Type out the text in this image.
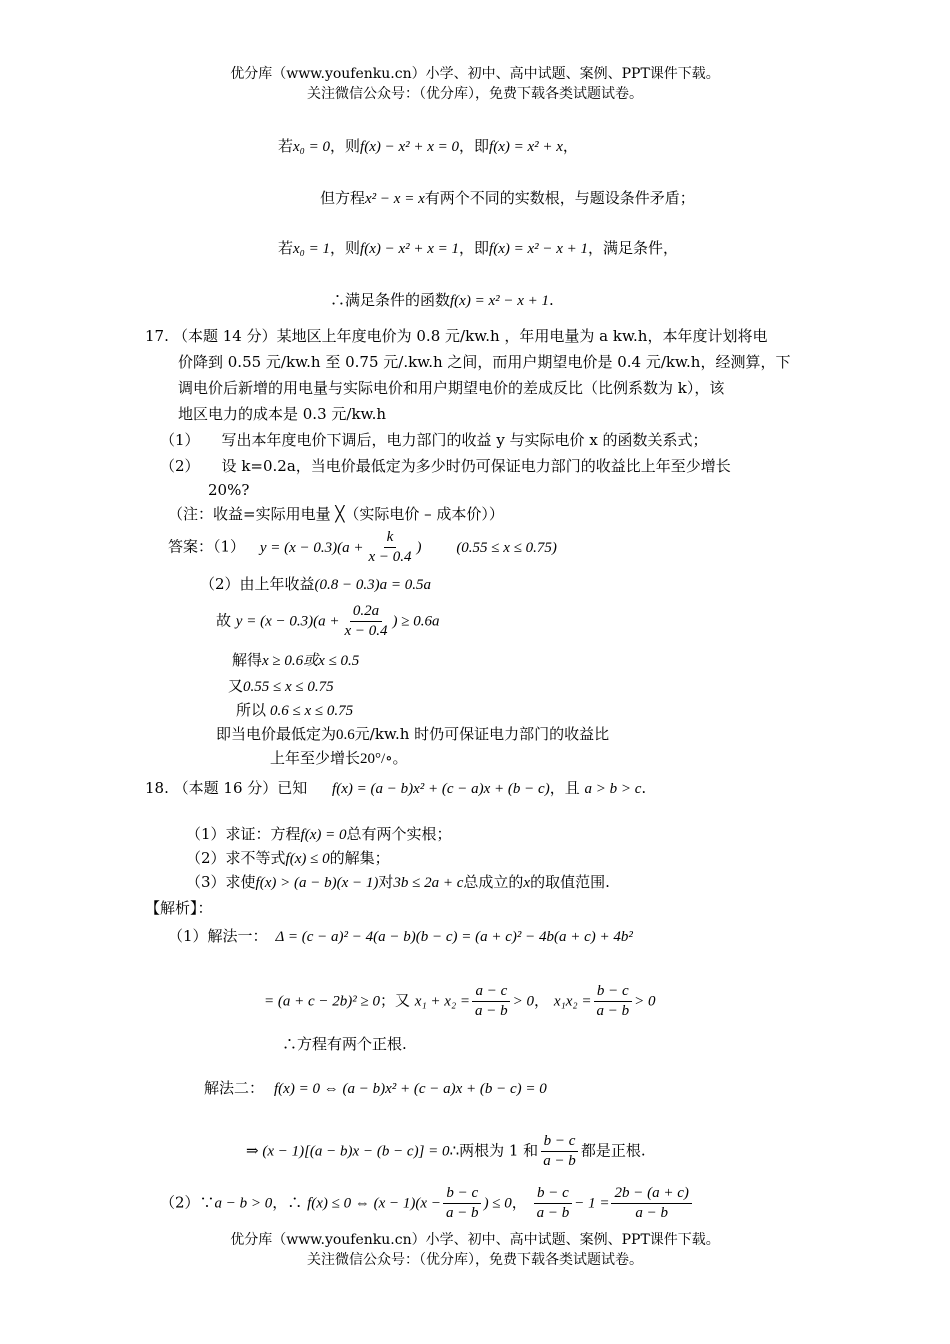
优分库（www.youfenku.cn）小学、初中、高中试题、案例、PPT课件下载。
关注微信公众号：（优分库），免费下载各类试题试卷。
若x₀ = 0，则f(x) − x² + x = 0，即f(x) = x² + x，
但方程x² − x = x有两个不同的实数根，与题设条件矛盾；
若x₀ = 1，则f(x) − x² + x = 1，即f(x) = x² − x + 1，满足条件，
∴满足条件的函数f(x) = x² − x + 1.
17. （本题 14 分）某地区上年度电价为 0.8 元/kw.h ，年用电量为 a kw.h，本年度计划将电
价降到 0.55 元/kw.h 至 0.75 元/.kw.h 之间，而用户期望电价是 0.4 元/kw.h，经测算，下
调电价后新增的用电量与实际电价和用户期望电价的差成反比（比例系数为 k），该
地区电力的成本是 0.3 元/kw.h
（1） 写出本年度电价下调后，电力部门的收益 y 与实际电价 x 的函数关系式；
（2） 设 k=0.2a，当电价最低定为多少时仍可保证电力部门的收益比上年至少增长
20%?
（注：收益=实际用电量 ╳（实际电价 – 成本价））
答案：（1） $y = (x - 0.3)(a + \frac{k}{x - 0.4}$ ) (0.55 ≤ x ≤ 0.75)
（2）由上年收益(0.8 − 0.3)a = 0.5a
故 $y = (x - 0.3)(a + \frac{0.2a}{x - 0.4}$ ) ≥ 0.6a
解得x ≥ 0.6或x ≤ 0.5
又0.55 ≤ x ≤ 0.75
所以 0.6 ≤ x ≤ 0.75
即当电价最低定为0.6元/kw.h 时仍可保证电力部门的收益比
上年至少增长20°/∘。
18. （本题 16 分）已知 f(x) = (a − b)x² + (c − a)x + (b − c)，且 a > b > c.
（1）求证：方程f(x) = 0总有两个实根；
（2）求不等式f(x) ≤ 0的解集；
（3）求使f(x) > (a − b)(x − 1)对3b ≤ 2a + c总成立的x的取值范围.
【解析】：
（1）解法一： Δ = (c − a)² − 4(a − b)(b − c) = (a + c)² − 4b(a + c) + 4b²
= (a + c − 2b)² ≥ 0；又 $x_1 + x_2 = \frac{a - c}{a - b} > 0$， $x_1x_2 = \frac{b - c}{a - b} > 0$
∴方程有两个正根.
解法二： f(x) = 0 ⇔ (a − b)x² + (c − a)x + (b − c) = 0
⇒ (x − 1)[(a − b)x − (b − c)] = 0∴两根为 1 和 $\frac{b - c}{a - b}$ 都是正根.
（2）∵a − b > 0，∴ f(x) ≤ 0 ⇔ $(x - 1)(x - \frac{b - c}{a - b}$ ) ≤ 0， $\frac{b - c}{a - b} - 1 = \frac{2b - (a + c)}{a - b}$
优分库（www.youfenku.cn）小学、初中、高中试题、案例、PPT课件下载。
关注微信公众号：（优分库），免费下载各类试题试卷。
